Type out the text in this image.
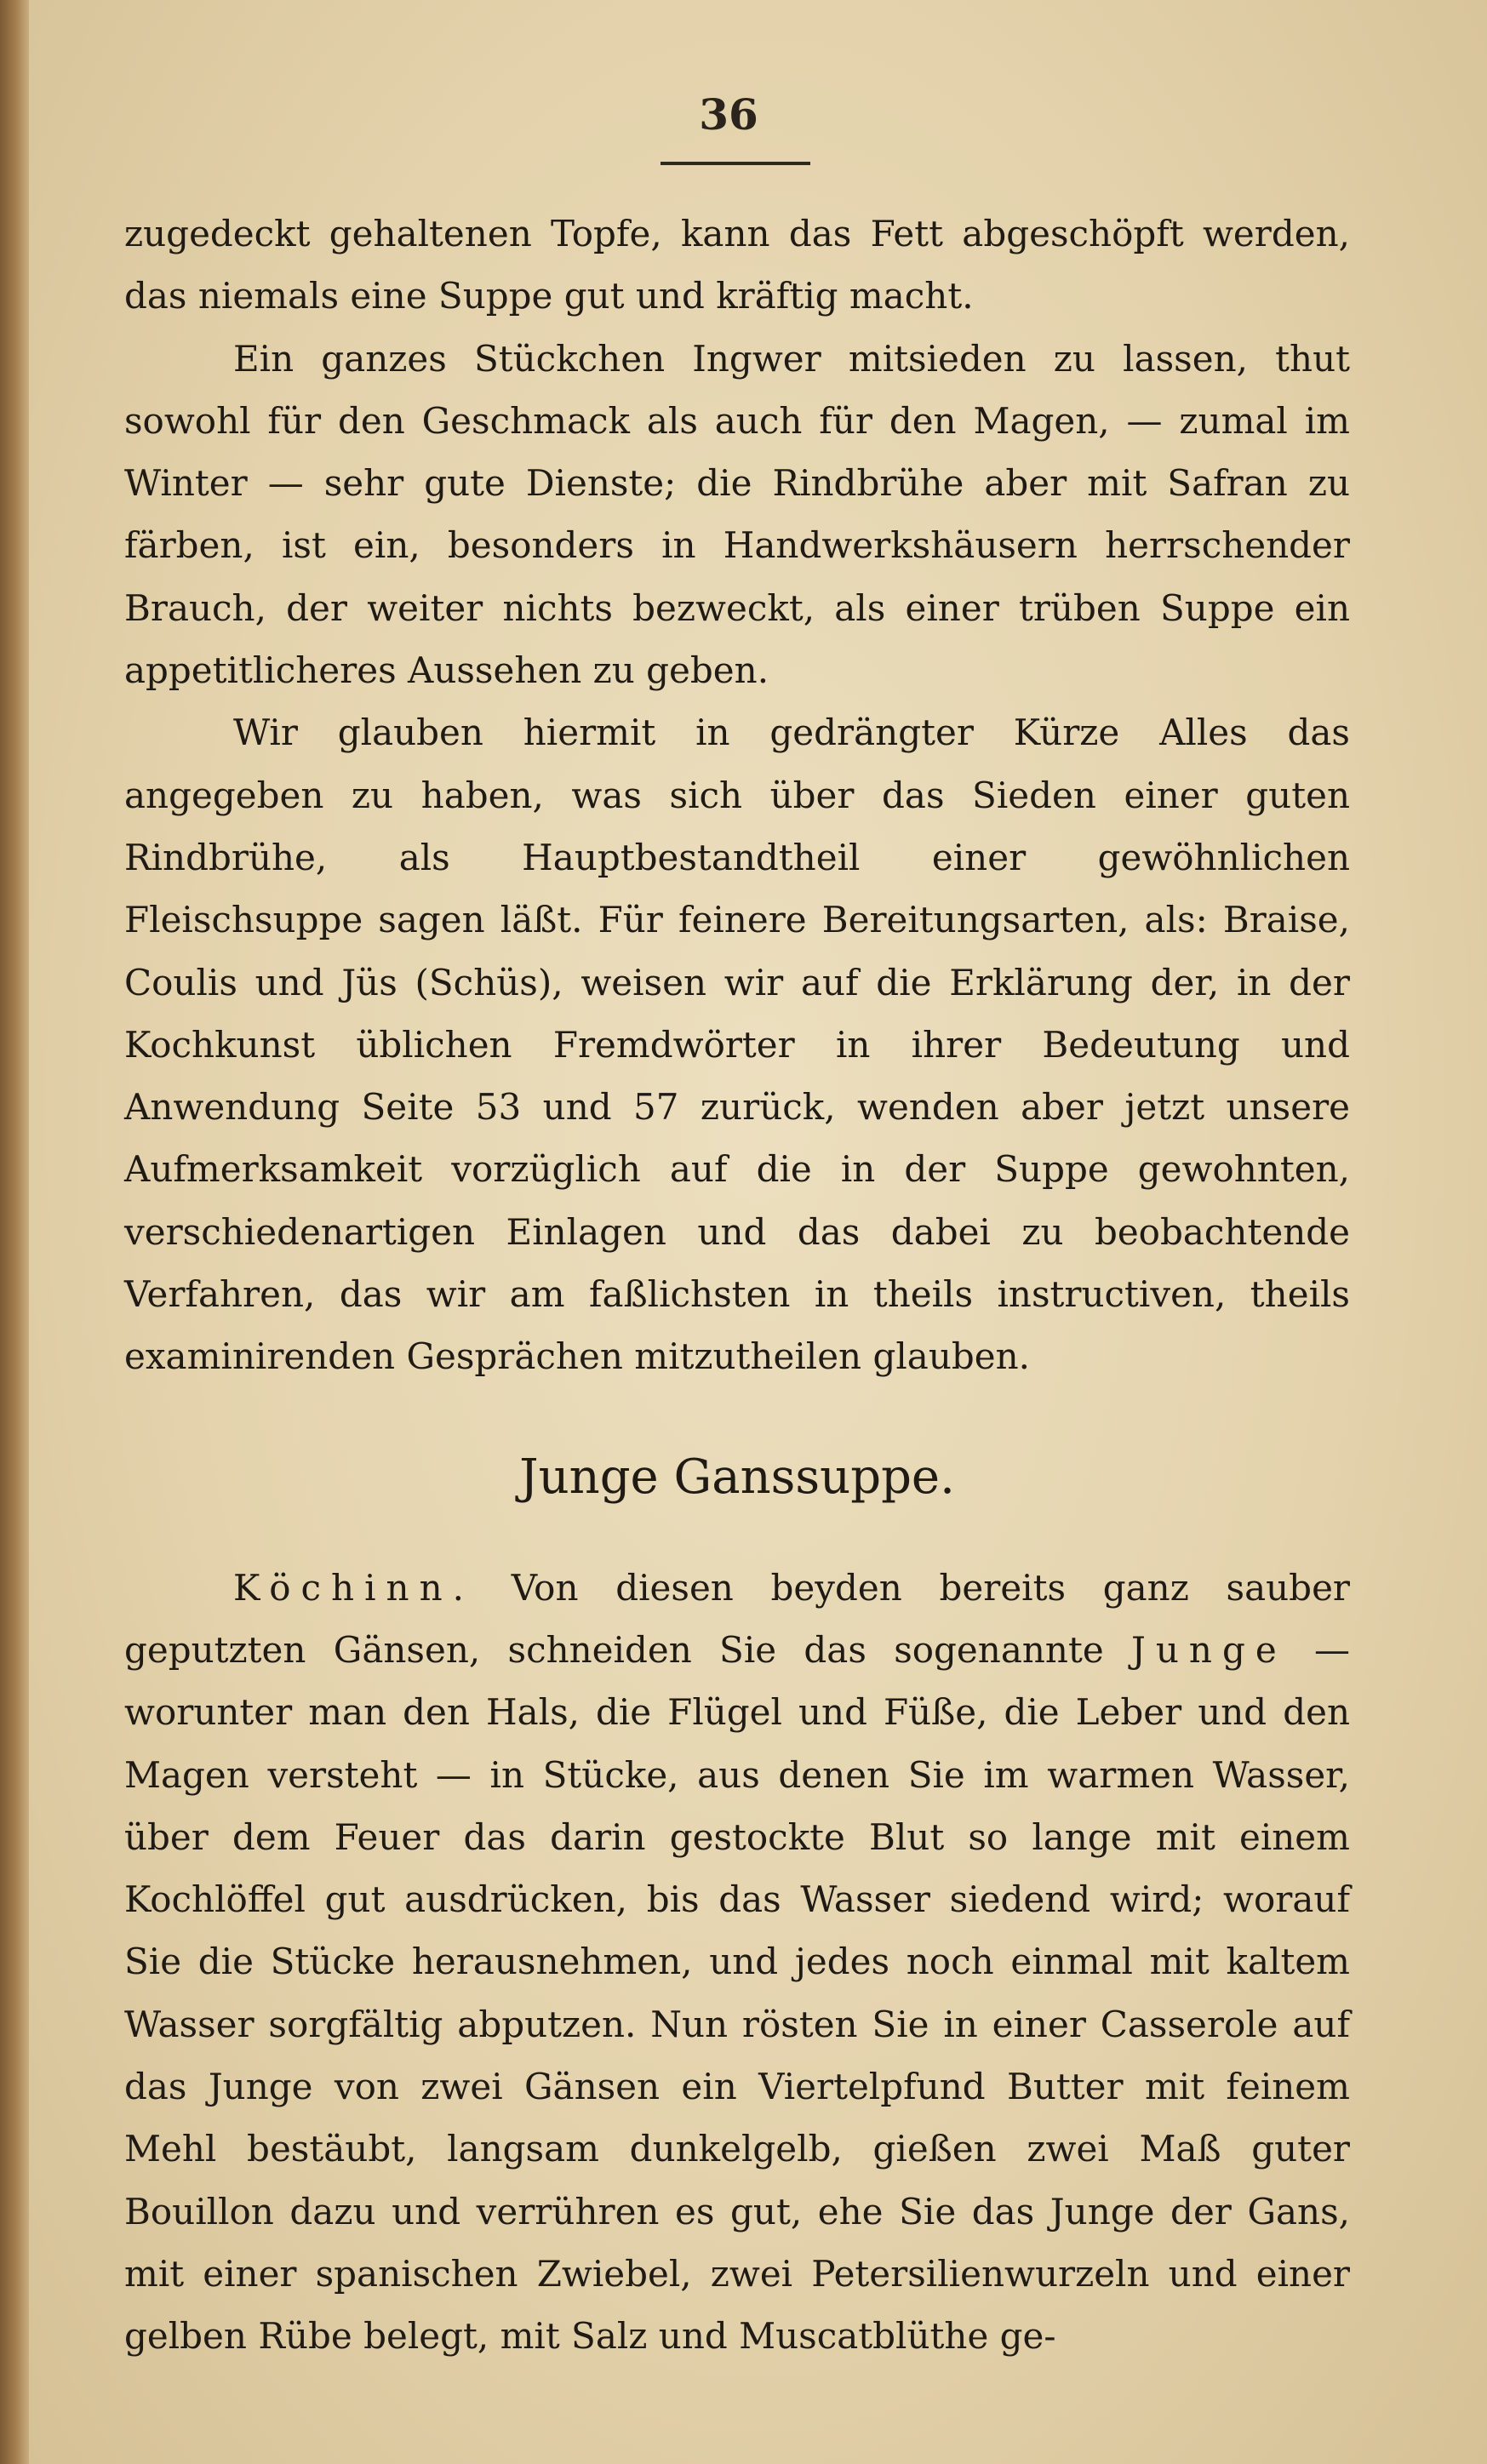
36

zugedeckt gehaltenen Topfe, kann das Fett abgeschöpft werden, das niemals eine Suppe gut und kräftig macht.

Ein ganzes Stückchen Ingwer mitsieden zu lassen, thut sowohl für den Geschmack als auch für den Magen, — zumal im Winter — sehr gute Dienste; die Rindbrühe aber mit Safran zu färben, ist ein, besonders in Handwerkshäusern herrschender Brauch, der weiter nichts bezweckt, als einer trüben Suppe ein appetitlicheres Aussehen zu geben.

Wir glauben hiermit in gedrängter Kürze Alles das angegeben zu haben, was sich über das Sieden einer guten Rindbrühe, als Hauptbestandtheil einer gewöhnlichen Fleischsuppe sagen läßt. Für feinere Bereitungsarten, als: Braise, Coulis und Jüs (Schüs), weisen wir auf die Erklärung der, in der Kochkunst üblichen Fremdwörter in ihrer Bedeutung und Anwendung Seite 53 und 57 zurück, wenden aber jetzt unsere Aufmerksamkeit vorzüglich auf die in der Suppe gewohnten, verschiedenartigen Einlagen und das dabei zu beobachtende Verfahren, das wir am faßlichsten in theils instructiven, theils examinirenden Gesprächen mitzutheilen glauben.

Junge Ganssuppe.

Köchinn. Von diesen beyden bereits ganz sauber geputzten Gänsen, schneiden Sie das sogenannte Junge — worunter man den Hals, die Flügel und Füße, die Leber und den Magen versteht — in Stücke, aus denen Sie im warmen Wasser, über dem Feuer das darin gestockte Blut so lange mit einem Kochlöffel gut ausdrücken, bis das Wasser siedend wird; worauf Sie die Stücke herausnehmen, und jedes noch einmal mit kaltem Wasser sorgfältig abputzen. Nun rösten Sie in einer Casserole auf das Junge von zwei Gänsen ein Viertelpfund Butter mit feinem Mehl bestäubt, langsam dunkelgelb, gießen zwei Maß guter Bouillon dazu und verrühren es gut, ehe Sie das Junge der Gans, mit einer spanischen Zwiebel, zwei Petersilienwurzeln und einer gelben Rübe belegt, mit Salz und Muscatblüthe ge-
